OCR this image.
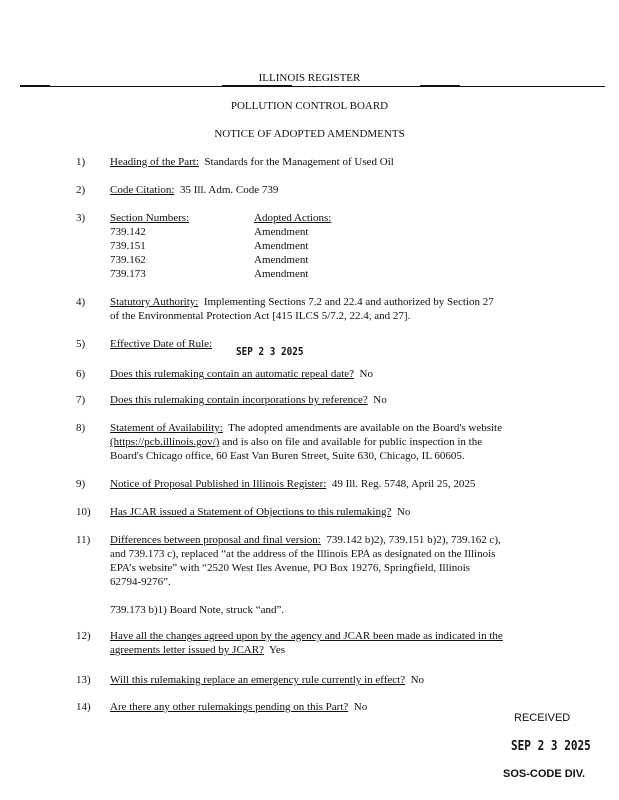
ILLINOIS REGISTER
POLLUTION CONTROL BOARD
NOTICE OF ADOPTED AMENDMENTS
1) Heading of the Part:  Standards for the Management of Used Oil
2) Code Citation:  35 Ill. Adm. Code 739
3) Section Numbers:	Adopted Actions:
739.142	Amendment
739.151	Amendment
739.162	Amendment
739.173	Amendment
4) Statutory Authority:  Implementing Sections 7.2 and 22.4 and authorized by Section 27
of the Environmental Protection Act [415 ILCS 5/7.2, 22.4, and 27].
5) Effective Date of Rule:
SEP 2 3 2025
6) Does this rulemaking contain an automatic repeal date?  No
7) Does this rulemaking contain incorporations by reference?  No
8) Statement of Availability:  The adopted amendments are available on the Board's website
(https://pcb.illinois.gov/) and is also on file and available for public inspection in the
Board's Chicago office, 60 East Van Buren Street, Suite 630, Chicago, IL 60605.
9) Notice of Proposal Published in Illinois Register:  49 Ill. Reg. 5748, April 25, 2025
10) Has JCAR issued a Statement of Objections to this rulemaking?  No
11) Differences between proposal and final version:  739.142 b)2), 739.151 b)2), 739.162 c),
and 739.173 c), replaced “at the address of the Illinois EPA as designated on the Illinois
EPA’s website” with “2520 West Iles Avenue, PO Box 19276, Springfield, Illinois
62794-9276”.
739.173 b)1) Board Note, struck “and”.
12) Have all the changes agreed upon by the agency and JCAR been made as indicated in the
agreements letter issued by JCAR?  Yes
13) Will this rulemaking replace an emergency rule currently in effect?  No
14) Are there any other rulemakings pending on this Part?  No
RECEIVED
SEP 2 3 2025
SOS-CODE DIV.
